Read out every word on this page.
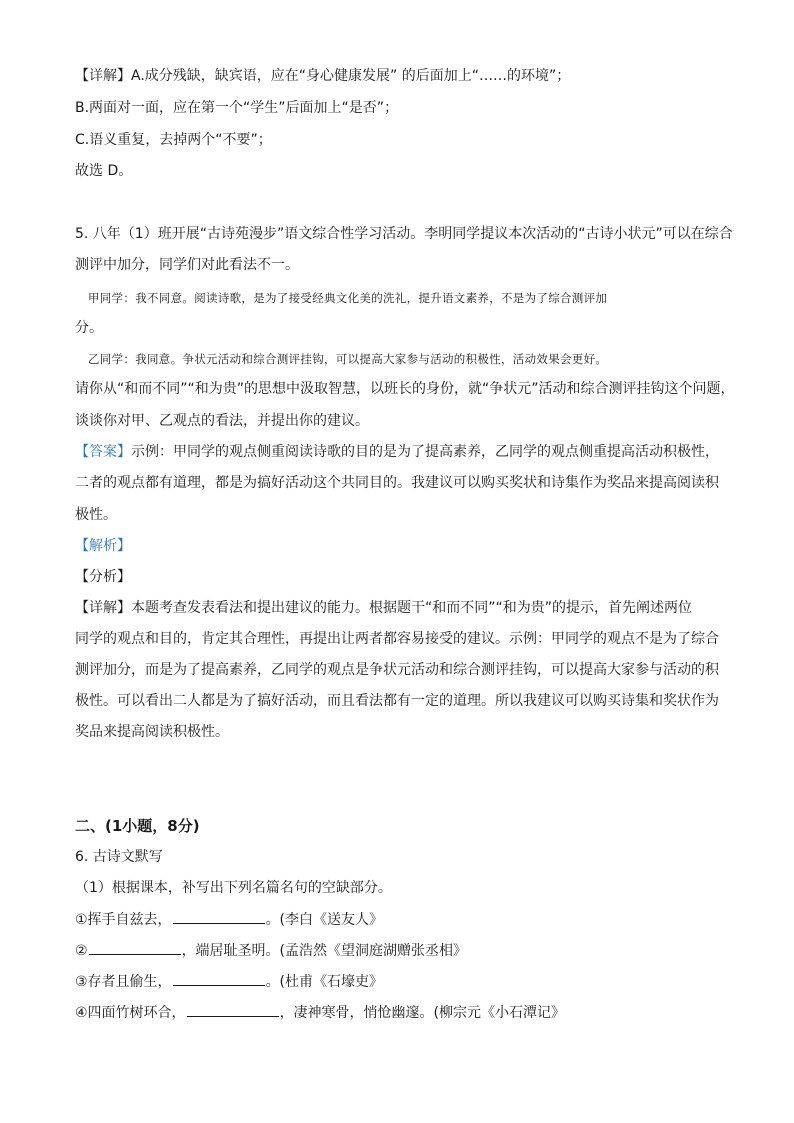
【详解】A.成分残缺，缺宾语，应在“身心健康发展” 的后面加上“……的环境”；
B.两面对一面，应在第一个“学生”后面加上“是否”；
C.语义重复，去掉两个“不要”；
故选 D。
5. 八年（1）班开展“古诗苑漫步”语文综合性学习活动。李明同学提议本次活动的“古诗小状元”可以在综合
测评中加分，同学们对此看法不一。
甲同学：我不同意。阅读诗歌，是为了接受经典文化美的洗礼，提升语文素养，不是为了综合测评加
分。
乙同学：我同意。争状元活动和综合测评挂钩，可以提高大家参与活动的积极性，活动效果会更好。
请你从“和而不同”“和为贵”的思想中汲取智慧，以班长的身份，就“争状元”活动和综合测评挂钩这个问题，
谈谈你对甲、乙观点的看法，并提出你的建议。
【答案】示例：甲同学的观点侧重阅读诗歌的目的是为了提高素养，乙同学的观点侧重提高活动积极性，
二者的观点都有道理，都是为搞好活动这个共同目的。我建议可以购买奖状和诗集作为奖品来提高阅读积
极性。
【解析】
【分析】
【详解】本题考查发表看法和提出建议的能力。根据题干“和而不同”“和为贵”的提示，首先阐述两位
同学的观点和目的，肯定其合理性，再提出让两者都容易接受的建议。示例：甲同学的观点不是为了综合
测评加分，而是为了提高素养，乙同学的观点是争状元活动和综合测评挂钩，可以提高大家参与活动的积
极性。可以看出二人都是为了搞好活动，而且看法都有一定的道理。所以我建议可以购买诗集和奖状作为
奖品来提高阅读积极性。
二、(1小题，8分)
6. 古诗文默写
（1）根据课本，补写出下列名篇名句的空缺部分。
①挥手自兹去，	。(李白《送友人》
②	，端居耻圣明。(孟浩然《望洞庭湖赠张丞相》
③存者且偷生，	。(杜甫《石壕吏》
④四面竹树环合，	，凄神寒骨，悄怆幽邃。(柳宗元《小石潭记》
